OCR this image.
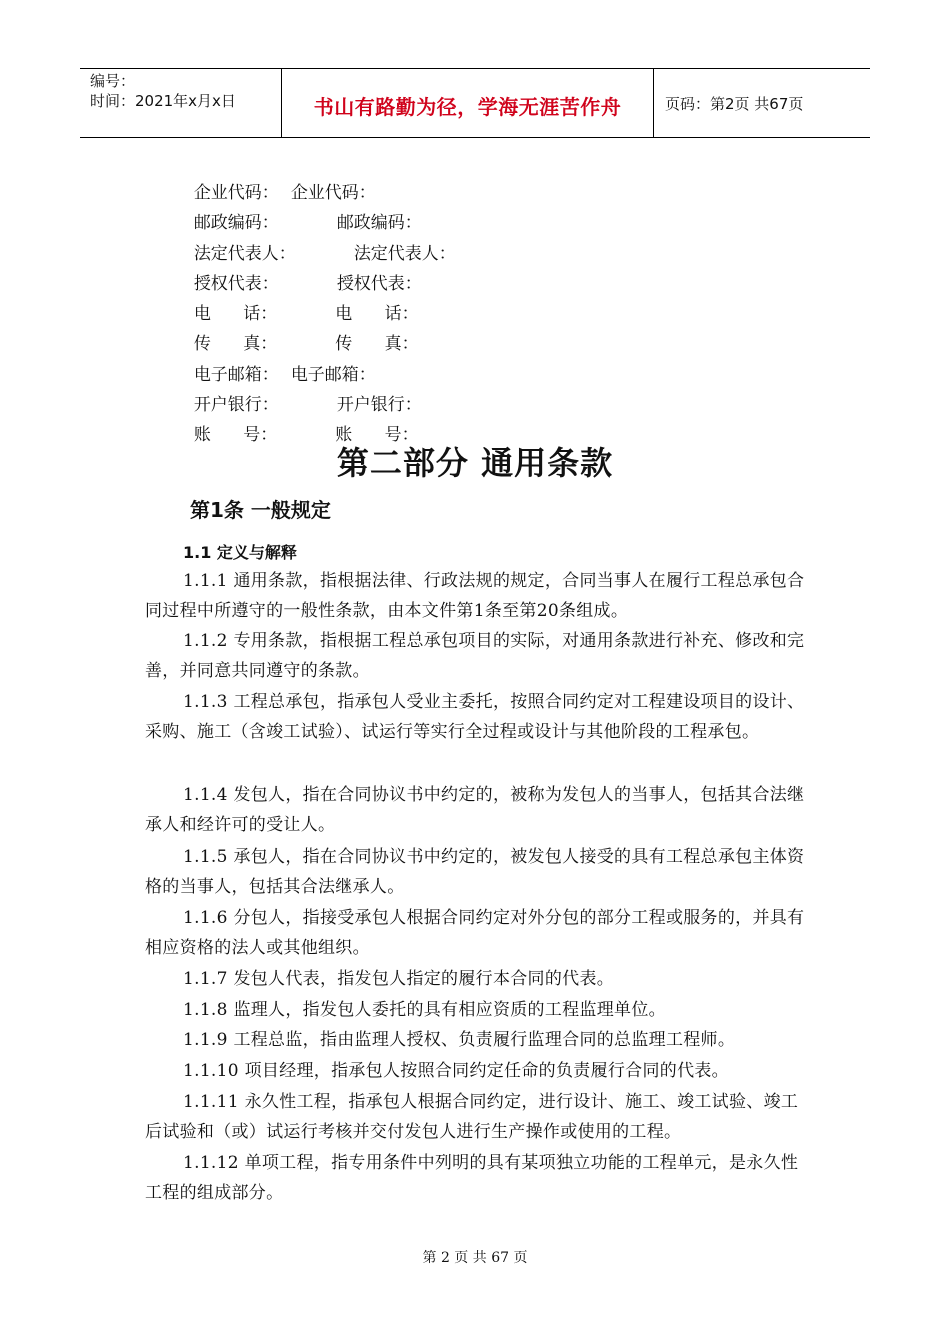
编号：
时间：2021年x月x日	书山有路勤为径，学海无涯苦作舟	页码：第2页 共67页

企业代码： 企业代码：

邮政编码：	邮政编码：

法定代表人：	法定代表人：

授权代表：	授权代表：

电      话：	电      话：

传      真：	传      真：

电子邮箱： 电子邮箱：

开户银行：	开户银行：

账      号：	账      号：

第二部分 通用条款
第1条 一般规定
1.1 定义与解释
1.1.1 通用条款，指根据法律、行政法规的规定，合同当事人在履行工程总承包合同过程中所遵守的一般性条款，由本文件第1条至第20条组成。
1.1.2 专用条款，指根据工程总承包项目的实际，对通用条款进行补充、修改和完善，并同意共同遵守的条款。
1.1.3 工程总承包，指承包人受业主委托，按照合同约定对工程建设项目的设计、采购、施工（含竣工试验）、试运行等实行全过程或设计与其他阶段的工程承包。
1.1.4 发包人，指在合同协议书中约定的，被称为发包人的当事人，包括其合法继承人和经许可的受让人。
1.1.5 承包人，指在合同协议书中约定的，被发包人接受的具有工程总承包主体资格的当事人，包括其合法继承人。
1.1.6 分包人，指接受承包人根据合同约定对外分包的部分工程或服务的，并具有相应资格的法人或其他组织。
1.1.7 发包人代表，指发包人指定的履行本合同的代表。
1.1.8 监理人，指发包人委托的具有相应资质的工程监理单位。
1.1.9 工程总监，指由监理人授权、负责履行监理合同的总监理工程师。
1.1.10 项目经理，指承包人按照合同约定任命的负责履行合同的代表。
1.1.11 永久性工程，指承包人根据合同约定，进行设计、施工、竣工试验、竣工后试验和（或）试运行考核并交付发包人进行生产操作或使用的工程。
1.1.12 单项工程，指专用条件中列明的具有某项独立功能的工程单元，是永久性工程的组成部分。
第 2 页 共 67 页
